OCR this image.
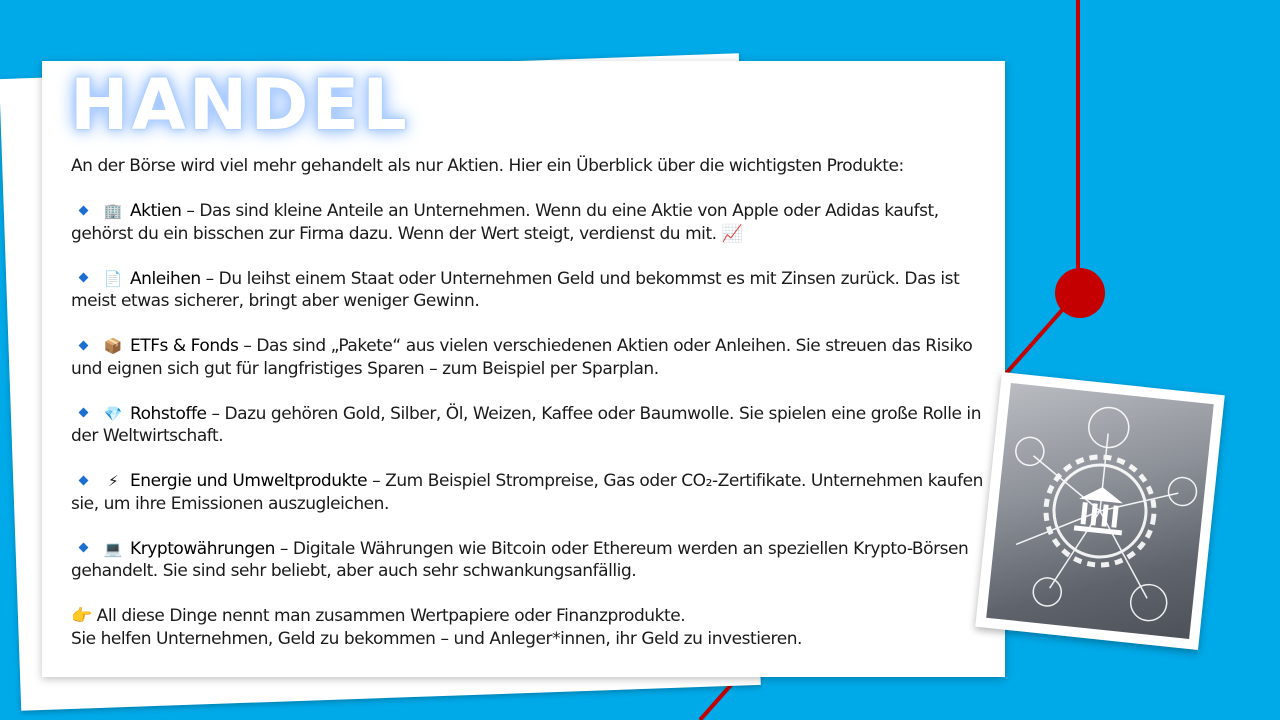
HANDEL

An der Börse wird viel mehr gehandelt als nur Aktien. Hier ein Überblick über die wichtigsten Produkte:

🏢 Aktien – Das sind kleine Anteile an Unternehmen. Wenn du eine Aktie von Apple oder Adidas kaufst, gehörst du ein bisschen zur Firma dazu. Wenn der Wert steigt, verdienst du mit. 📈

📄 Anleihen – Du leihst einem Staat oder Unternehmen Geld und bekommst es mit Zinsen zurück. Das ist meist etwas sicherer, bringt aber weniger Gewinn.

📦 ETFs & Fonds – Das sind „Pakete“ aus vielen verschiedenen Aktien oder Anleihen. Sie streuen das Risiko und eignen sich gut für langfristiges Sparen – zum Beispiel per Sparplan.

💎 Rohstoffe – Dazu gehören Gold, Silber, Öl, Weizen, Kaffee oder Baumwolle. Sie spielen eine große Rolle in der Weltwirtschaft.

⚡ Energie und Umweltprodukte – Zum Beispiel Strompreise, Gas oder CO₂-Zertifikate. Unternehmen kaufen sie, um ihre Emissionen auszugleichen.

💻 Kryptowährungen – Digitale Währungen wie Bitcoin oder Ethereum werden an speziellen Krypto-Börsen gehandelt. Sie sind sehr beliebt, aber auch sehr schwankungsanfällig.

👉 All diese Dinge nennt man zusammen Wertpapiere oder Finanzprodukte.
Sie helfen Unternehmen, Geld zu bekommen – und Anleger*innen, ihr Geld zu investieren.
